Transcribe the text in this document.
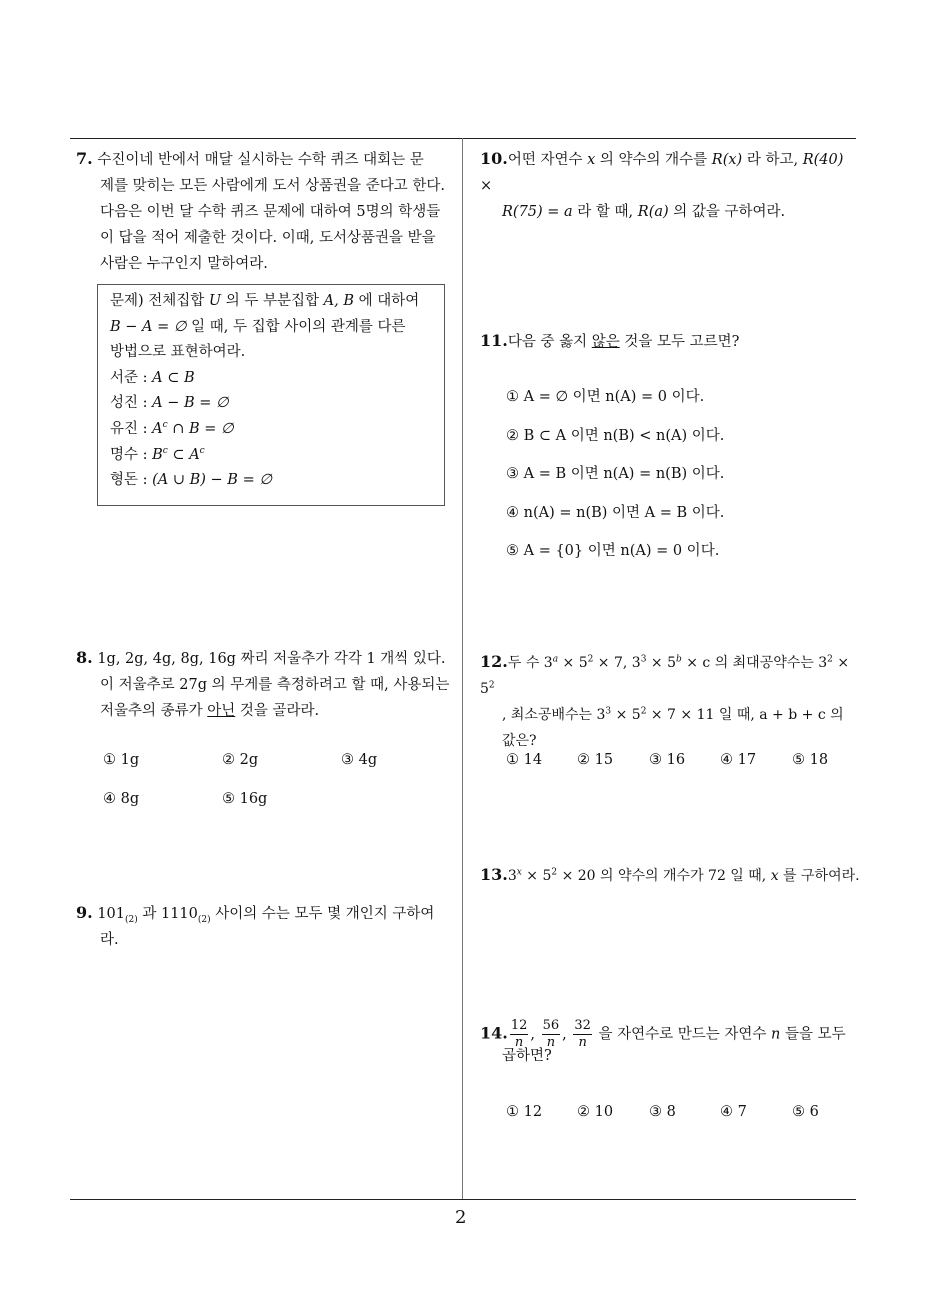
7. 수진이네 반에서 매달 실시하는 수학 퀴즈 대회는 문
제를 맞히는 모든 사람에게 도서 상품권을 준다고 한다.
다음은 이번 달 수학 퀴즈 문제에 대하여 5명의 학생들
이 답을 적어 제출한 것이다. 이때, 도서상품권을 받을
사람은 누구인지 말하여라.
문제) 전체집합 U 의 두 부분집합 A, B 에 대하여
B − A = ∅ 일 때, 두 집합 사이의 관계를 다른
방법으로 표현하여라.
서준 : A ⊂ B
성진 : A − B = ∅
유진 : $A^c$ ∩ B = ∅
명수 : $B^c$ ⊂ $A^c$
형돈 : (A ∪ B) − B = ∅
8. 1g, 2g, 4g, 8g, 16g 짜리 저울추가 각각 1 개씩 있다.
이 저울추로 27g 의 무게를 측정하려고 할 때, 사용되는
저울추의 종류가 아닌 것을 골라라.
① 1g	② 2g	③ 4g
④ 8g	⑤ 16g
9. $101_{(2)}$ 과 $1110_{(2)}$ 사이의 수는 모두 몇 개인지 구하여
라.
10.어떤 자연수 x 의 약수의 개수를 R(x) 라 하고, R(40) ×
R(75) = a 라 할 때, R(a) 의 값을 구하여라.
11.다음 중 옳지 않은 것을 모두 고르면?
① A = ∅ 이면 n(A) = 0 이다.
② B ⊂ A 이면 n(B) < n(A) 이다.
③ A = B 이면 n(A) = n(B) 이다.
④ n(A) = n(B) 이면 A = B 이다.
⑤ A = {0} 이면 n(A) = 0 이다.
12.두 수 $3^a \times 5^2 \times 7$, $3^3 \times 5^b \times c$ 의 최대공약수는 $3^2 \times 5^2$
, 최소공배수는 $3^3 \times 5^2 \times 7 \times 11$ 일 때, a + b + c 의
값은?
① 14 ② 15 ③ 16 ④ 17 ⑤ 18
$13.3^x \times 5^2 \times 20$ 의 약수의 개수가 72 일 때, x 를 구하여라.
14. $\frac{12}{n}$ , $\frac{56}{n}$ , $\frac{32}{n}$ 을 자연수로 만드는 자연수 n 들을 모두
곱하면?
① 12 ② 10 ③ 8	④ 7	⑤ 6
2
